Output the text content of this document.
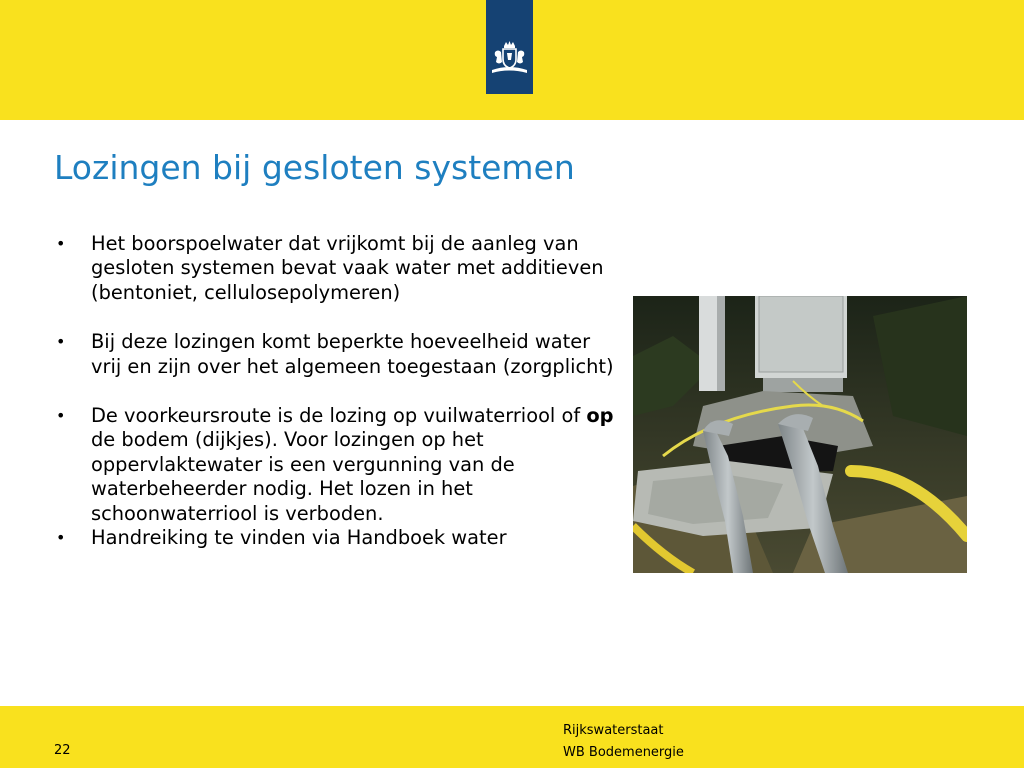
Lozingen bij gesloten systemen
• Het boorspoelwater dat vrijkomt bij de aanleg van gesloten systemen bevat vaak water met additieven (bentoniet, cellulosepolymeren)
• Bij deze lozingen komt beperkte hoeveelheid water vrij en zijn over het algemeen toegestaan (zorgplicht)
• De voorkeursroute is de lozing op vuilwaterriool of op de bodem (dijkjes). Voor lozingen op het oppervlaktewater is een vergunning van de waterbeheerder nodig. Het lozen in het schoonwaterriool is verboden.
• Handreiking te vinden via Handboek water
22
Rijkswaterstaat
WB Bodemenergie
